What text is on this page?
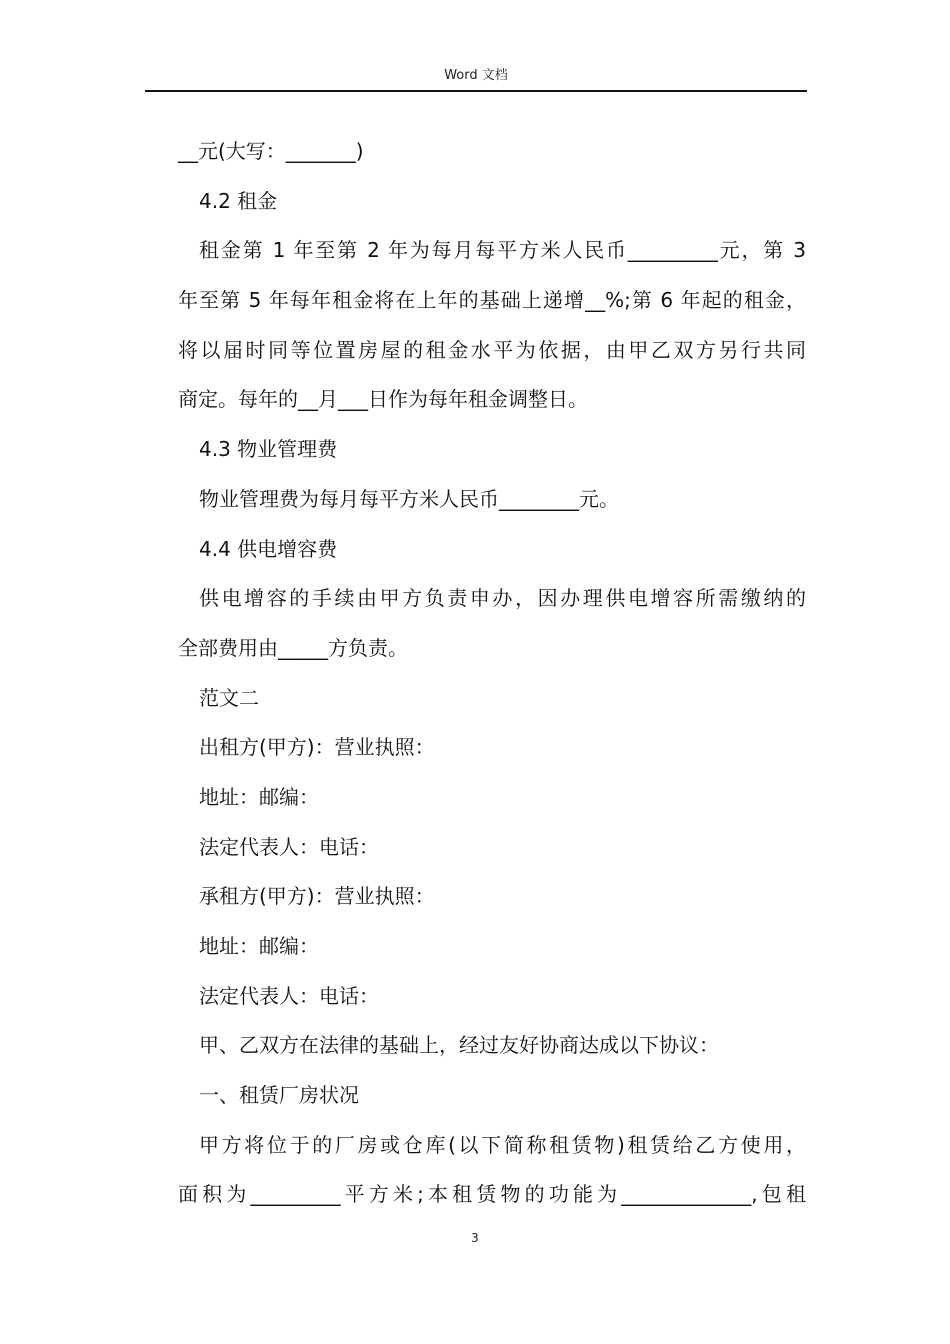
Word 文档
__元(大写：_______)
4.2 租金
租金第 1 年至第 2 年为每月每平方米人民币_________元，第 3
年至第 5 年每年租金将在上年的基础上递增__%;第 6 年起的租金，
将以届时同等位置房屋的租金水平为依据，由甲乙双方另行共同
商定。每年的__月___日作为每年租金调整日。
4.3 物业管理费
物业管理费为每月每平方米人民币________元。
4.4 供电增容费
供电增容的手续由甲方负责申办，因办理供电增容所需缴纳的
全部费用由_____方负责。
范文二
出租方(甲方)：营业执照：
地址：邮编：
法定代表人：电话：
承租方(甲方)：营业执照：
地址：邮编：
法定代表人：电话：
甲、乙双方在法律的基础上，经过友好协商达成以下协议：
一、租赁厂房状况
甲方将位于的厂房或仓库(以下简称租赁物)租赁给乙方使用，
面积为_________平方米;本租赁物的功能为_____________,包租
3
